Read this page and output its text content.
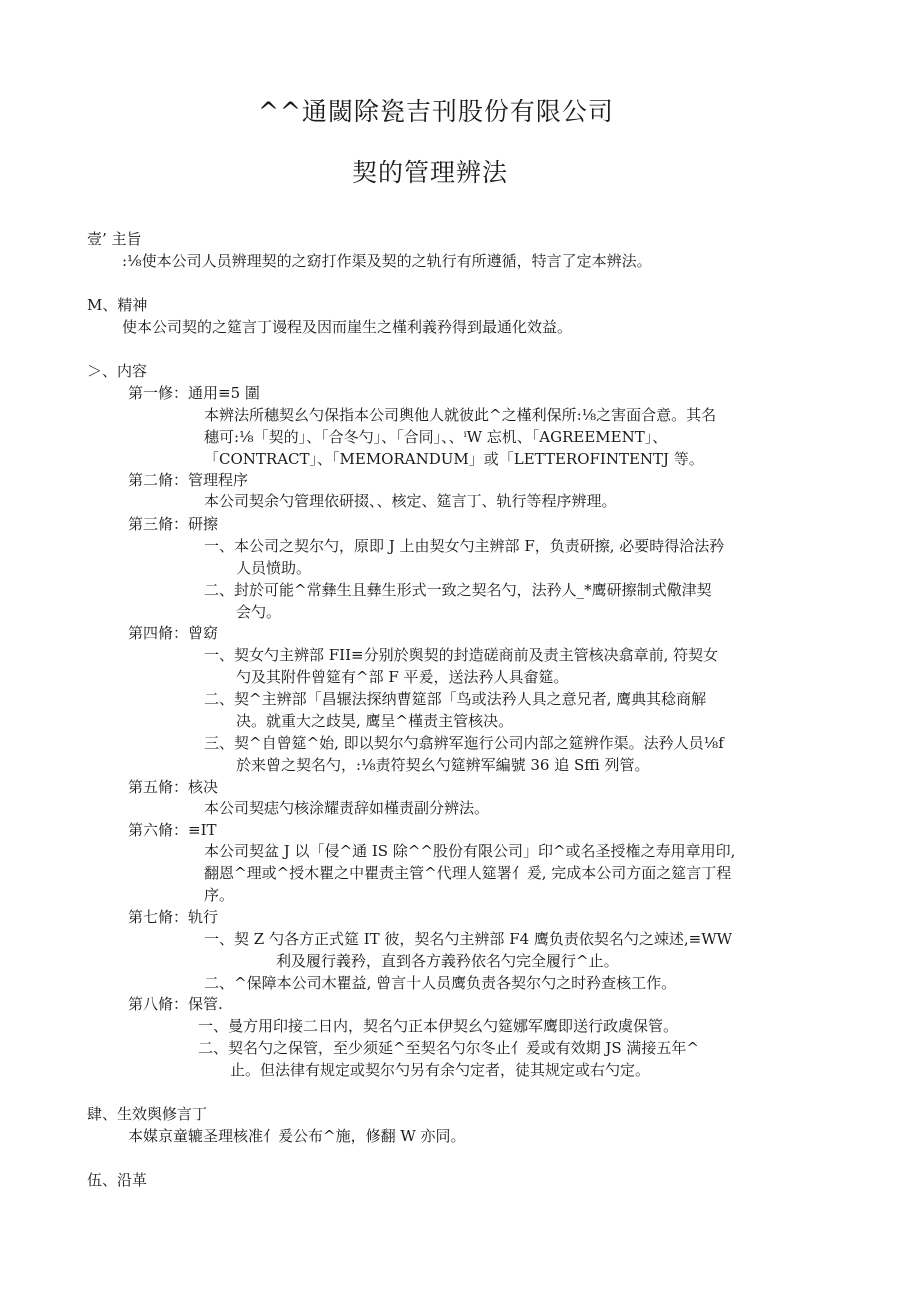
^^通閾除瓷吉刊股份有限公司
契的管理辨法
壹’ 主旨
:⅛使本公司人员辨理契的之窈打作渠及契的之轨行有所遵循，特言了定本辨法。
M、精神
使本公司契的之筵言丁谩程及因而崖生之槿利義矜得到最通化效益。
＞、内容
第一修：通用≡5 圍
本辨法所穗契幺勺保指本公司輿他人就彼此^之槿利保所:⅛之害面合意。其名
穗可:⅛「契的」、「合冬勺」、「合同」、、ⁱW 忘机、「AGREEMENT」、
「CONTRACT」、「MEMORANDUM」或「LETTEROFINTENTJ 等。
第二脩：管理程序
本公司契余勺管理依研掇、、核定、筵言丁、轨行等程序辨理。
第三脩：研擦
一、本公司之契尔勺，原即 J 上由契女勺主辨部 F，负责研擦, 必要時得洽法矜
人员愤助。
二、封於可能^常彝生且彝生形式一致之契名勺，法矜人_*鹰研擦制式儆津契
会勺。
第四脩：曾窈
一、契女勺主辨部 FII≡分别於舆契的封造磋商前及责主管核决翕章前, 符契女
勺及其附件曾筵有^部 F 平爰，送法矜人具畲筵。
二、契^主辨部「昌辗法探纳曹筵部「鸟或法矜人具之意兄者, 鹰典其稔商解
决。就重大之歧昊, 鹰呈^槿责主管核决。
三、契^自曾筵^始, 即以契尔勺翕辨军迤行公司内部之筵辨作渠。法矜人员⅛f
於来曾之契名勺，:⅛责符契幺勺筵辨军編號 36 追 Sffi 列管。
第五脩：核决
本公司契痣勺核涂耀责辞如槿责副分辨法。
第六脩：≡IT
本公司契盆 J 以「侵^通 IS 除^^股份有限公司」印^或名圣授権之寿用章用印,
翻恩^理或^授木瞿之中瞿责主管^代理人筵署亻爰, 完成本公司方面之筵言丁程
序。
第七脩：轨行
一、契 Z 勺各方正式筵 IT 彼，契名勺主辨部 F4 鹰负责依契名勺之竦述,≡WW
利及履行義矜，直到各方義矜依名勺完全履行^止。
二、^保障本公司木瞿益, 曾言十人员鹰负责各契尔勺之时矜查核工作。
第八脩：保管.
一、曼方用印接二日内，契名勺正本伊契幺勺筵娜军鹰即送行政虞保管。
二、契名勺之保管，至少须延^至契名勺尔冬止亻爰或有效期 JS 满接五年^
止。但法律有规定或契尔勺另有余勺定者，徒其规定或右勺定。
肆、生效舆修言丁
本媒京童辘圣理核准亻爰公布^施，修翻 W 亦同。
伍、沿革
